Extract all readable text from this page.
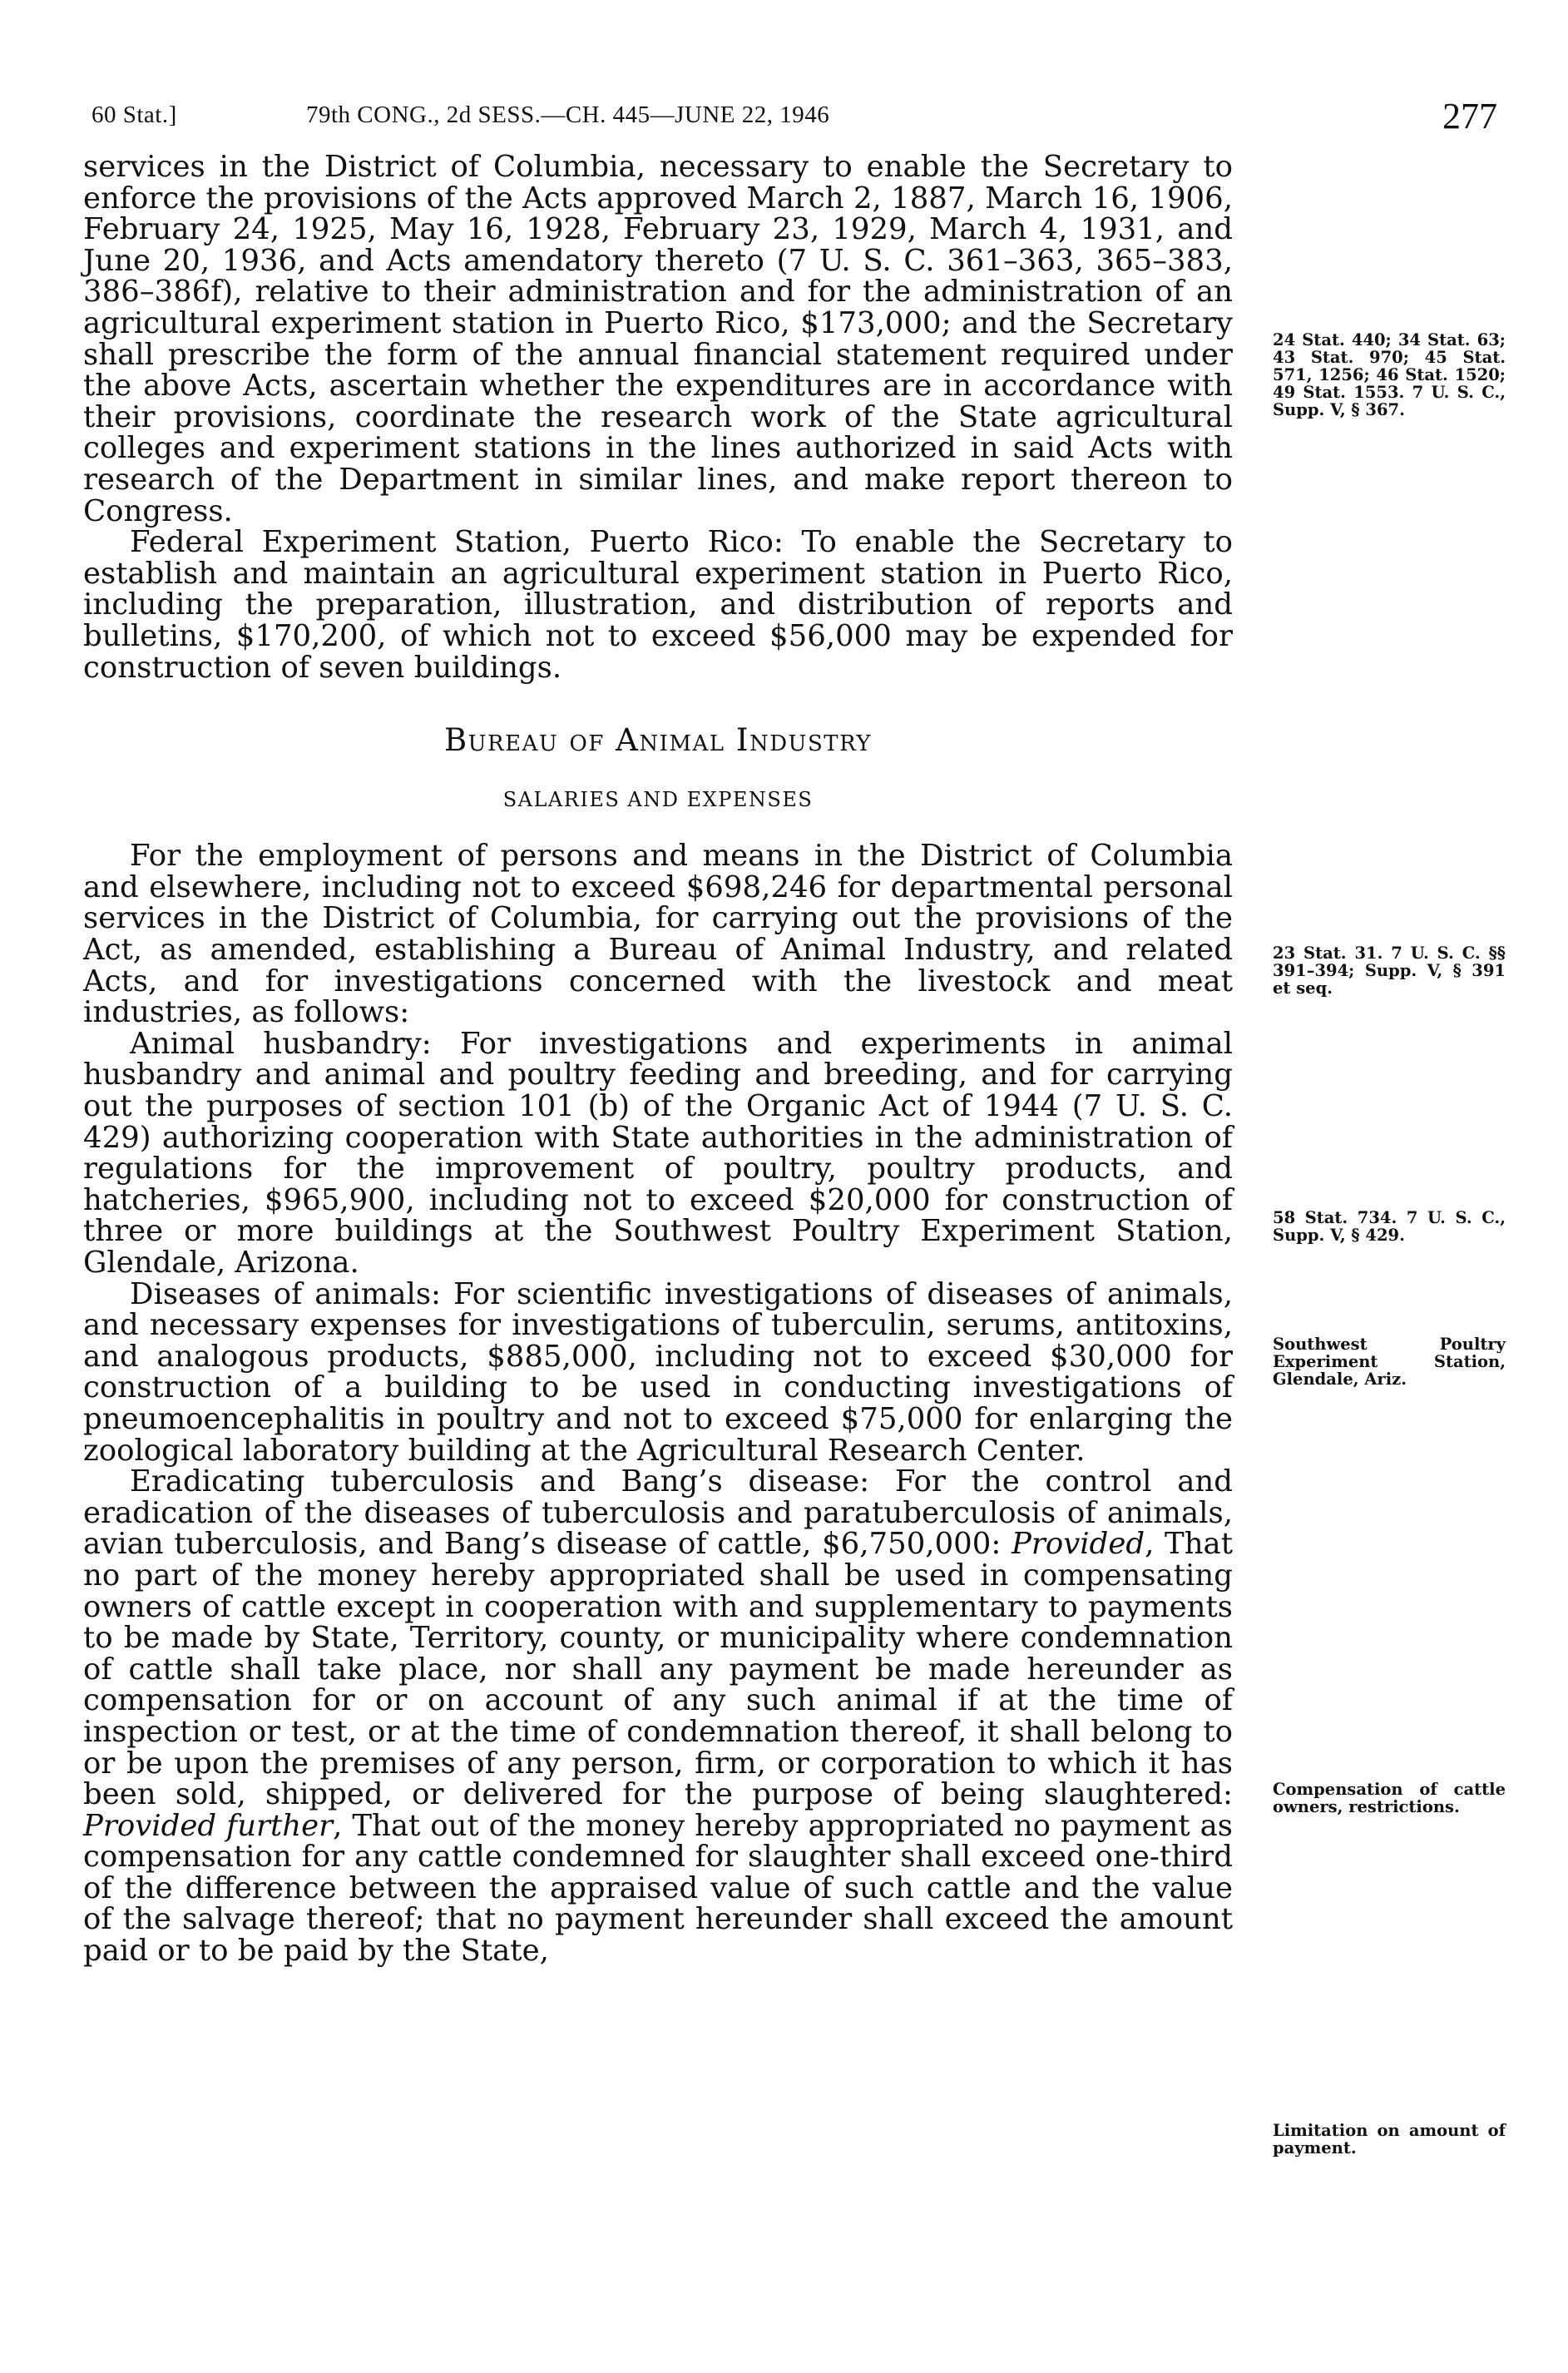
60 Stat.]	79th CONG., 2d SESS.—CH. 445—JUNE 22, 1946	277

services in the District of Columbia, necessary to enable the Secretary to enforce the provisions of the Acts approved March 2, 1887, March 16, 1906, February 24, 1925, May 16, 1928, February 23, 1929, March 4, 1931, and June 20, 1936, and Acts amendatory thereto (7 U. S. C. 361–363, 365–383, 386–386f), relative to their administration and for the administration of an agricultural experiment station in Puerto Rico, $173,000; and the Secretary shall prescribe the form of the annual financial statement required under the above Acts, ascertain whether the expenditures are in accordance with their provisions, coordinate the research work of the State agricultural colleges and experiment stations in the lines authorized in said Acts with research of the Department in similar lines, and make report thereon to Congress.

Federal Experiment Station, Puerto Rico: To enable the Secretary to establish and maintain an agricultural experiment station in Puerto Rico, including the preparation, illustration, and distribution of reports and bulletins, $170,200, of which not to exceed $56,000 may be expended for construction of seven buildings.

Bureau of Animal Industry
SALARIES AND EXPENSES

For the employment of persons and means in the District of Columbia and elsewhere, including not to exceed $698,246 for departmental personal services in the District of Columbia, for carrying out the provisions of the Act, as amended, establishing a Bureau of Animal Industry, and related Acts, and for investigations concerned with the livestock and meat industries, as follows:

Animal husbandry: For investigations and experiments in animal husbandry and animal and poultry feeding and breeding, and for carrying out the purposes of section 101 (b) of the Organic Act of 1944 (7 U. S. C. 429) authorizing cooperation with State authorities in the administration of regulations for the improvement of poultry, poultry products, and hatcheries, $965,900, including not to exceed $20,000 for construction of three or more buildings at the Southwest Poultry Experiment Station, Glendale, Arizona.

Diseases of animals: For scientific investigations of diseases of animals, and necessary expenses for investigations of tuberculin, serums, antitoxins, and analogous products, $885,000, including not to exceed $30,000 for construction of a building to be used in conducting investigations of pneumoencephalitis in poultry and not to exceed $75,000 for enlarging the zoological laboratory building at the Agricultural Research Center.

Eradicating tuberculosis and Bang’s disease: For the control and eradication of the diseases of tuberculosis and paratuberculosis of animals, avian tuberculosis, and Bang’s disease of cattle, $6,750,000: Provided, That no part of the money hereby appropriated shall be used in compensating owners of cattle except in cooperation with and supplementary to payments to be made by State, Territory, county, or municipality where condemnation of cattle shall take place, nor shall any payment be made hereunder as compensation for or on account of any such animal if at the time of inspection or test, or at the time of condemnation thereof, it shall belong to or be upon the premises of any person, firm, or corporation to which it has been sold, shipped, or delivered for the purpose of being slaughtered: Provided further, That out of the money hereby appropriated no payment as compensation for any cattle condemned for slaughter shall exceed one-third of the difference between the appraised value of such cattle and the value of the salvage thereof; that no payment hereunder shall exceed the amount paid or to be paid by the State,

24 Stat. 440; 34 Stat. 63; 43 Stat. 970; 45 Stat. 571, 1256; 46 Stat. 1520; 49 Stat. 1553. 7 U. S. C., Supp. V, § 367.
23 Stat. 31. 7 U. S. C. §§ 391–394; Supp. V, § 391 et seq.
58 Stat. 734. 7 U. S. C., Supp. V, § 429.
Southwest Poultry Experiment Station, Glendale, Ariz.
Compensation of cattle owners, restrictions.
Limitation on amount of payment.
